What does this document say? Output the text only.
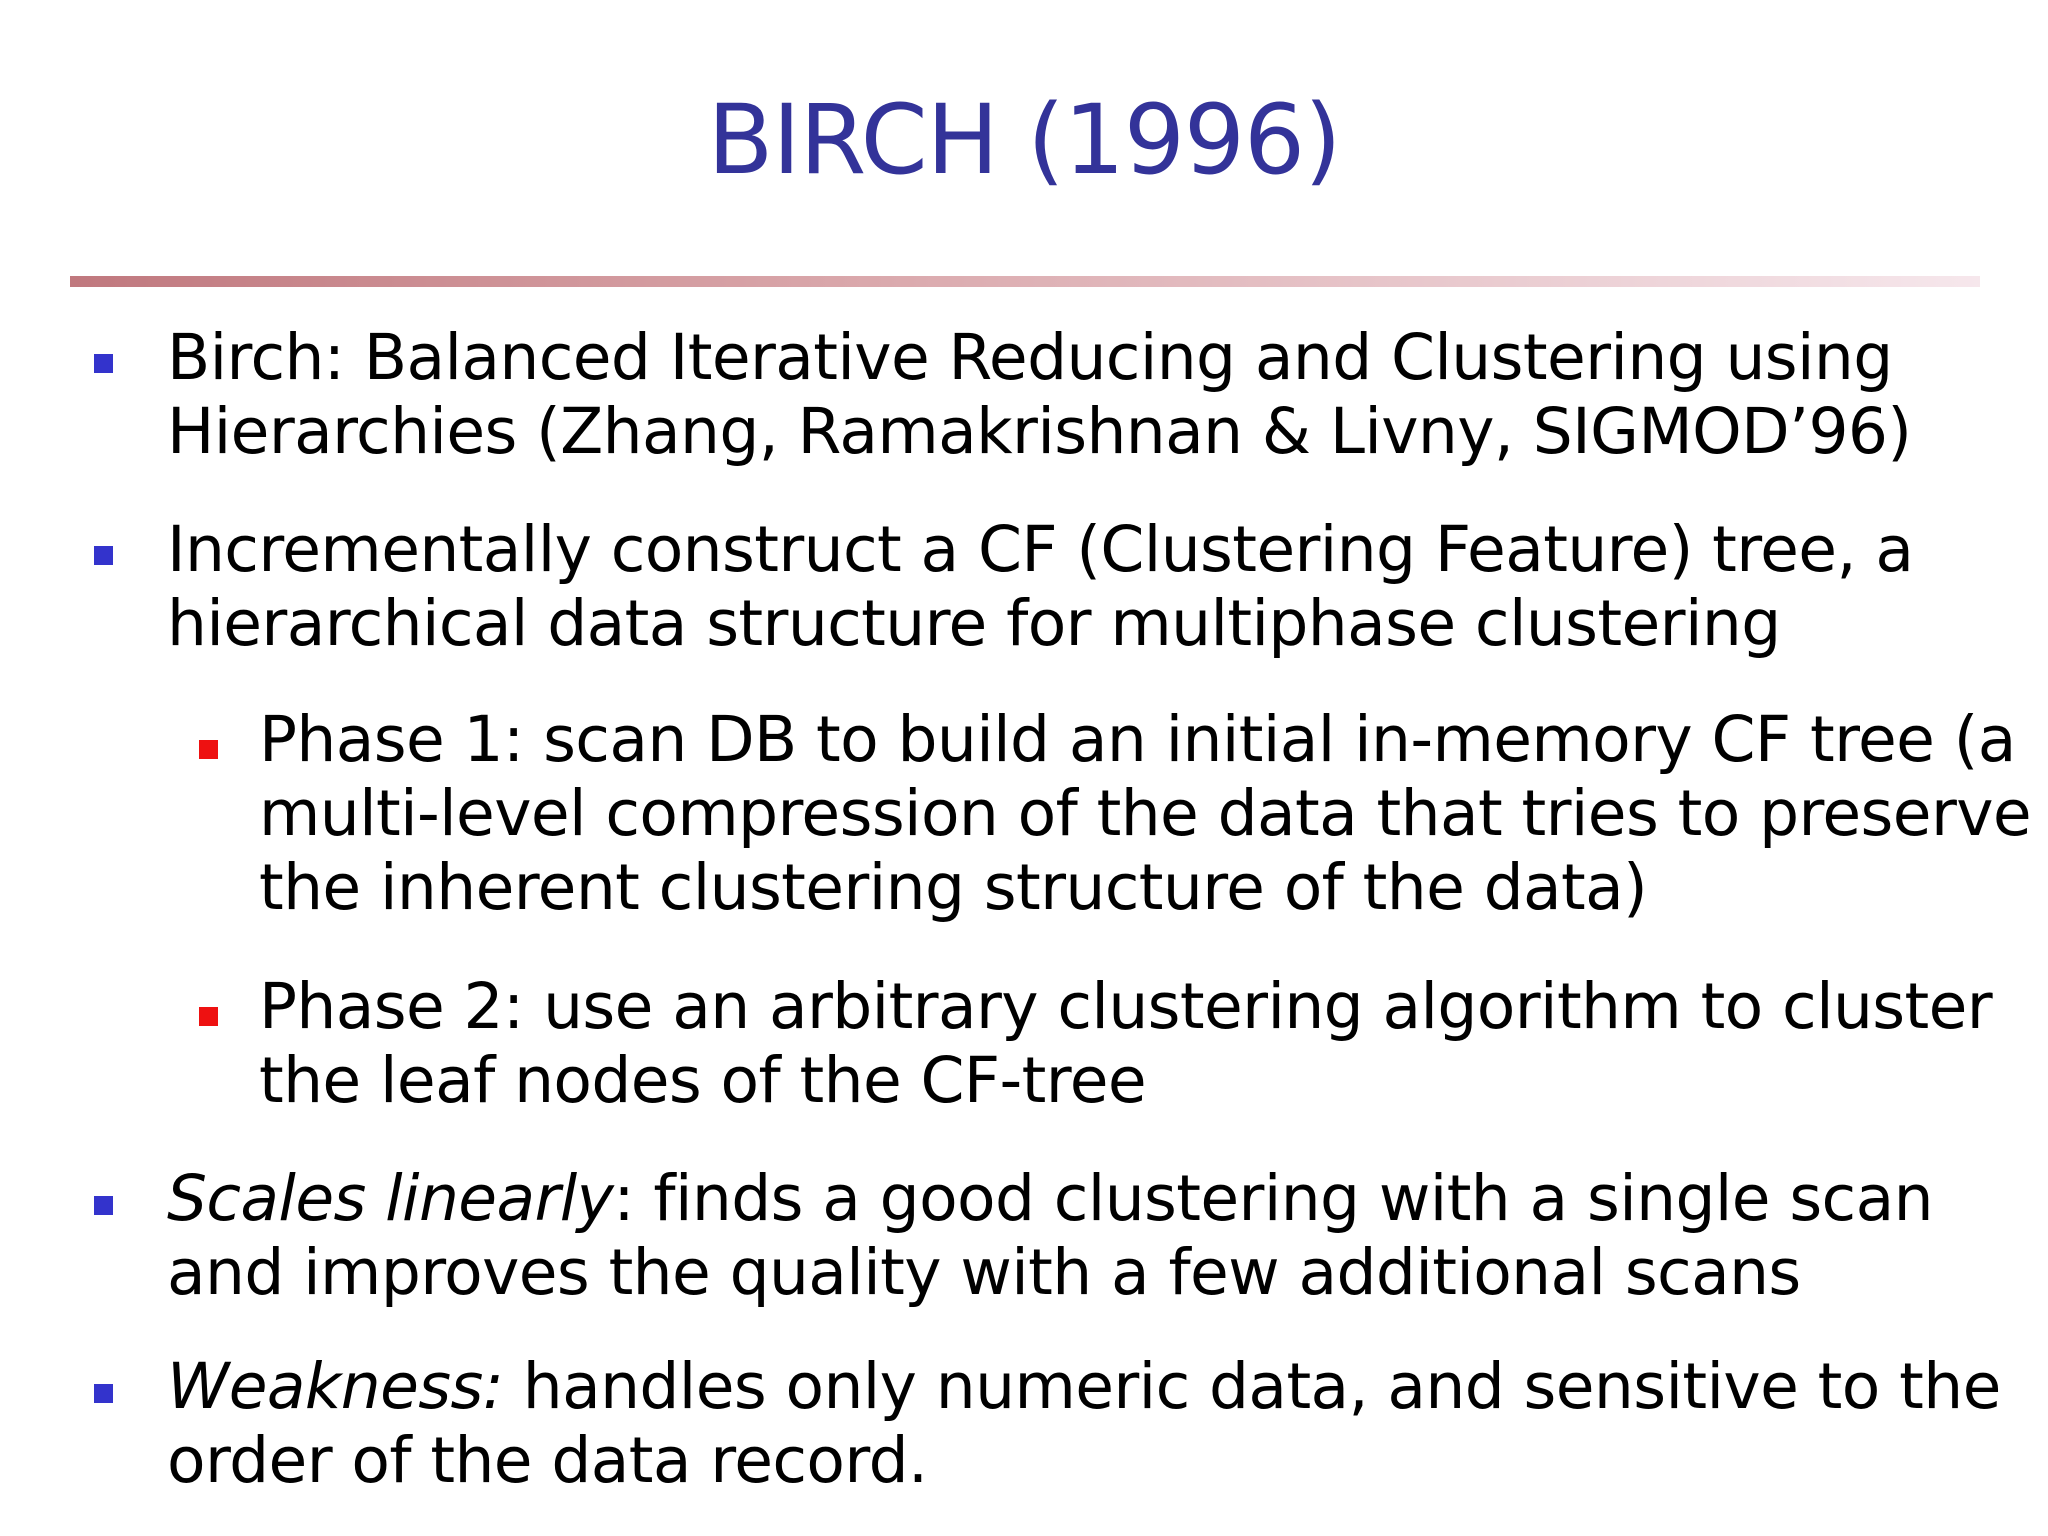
BIRCH (1996)
Birch: Balanced Iterative Reducing and Clustering using
Hierarchies (Zhang, Ramakrishnan & Livny, SIGMOD’96)
Incrementally construct a CF (Clustering Feature) tree, a
hierarchical data structure for multiphase clustering
Phase 1: scan DB to build an initial in-memory CF tree (a
multi-level compression of the data that tries to preserve
the inherent clustering structure of the data)
Phase 2: use an arbitrary clustering algorithm to cluster
the leaf nodes of the CF-tree
Scales linearly: finds a good clustering with a single scan
and improves the quality with a few additional scans
Weakness: handles only numeric data, and sensitive to the
order of the data record.
